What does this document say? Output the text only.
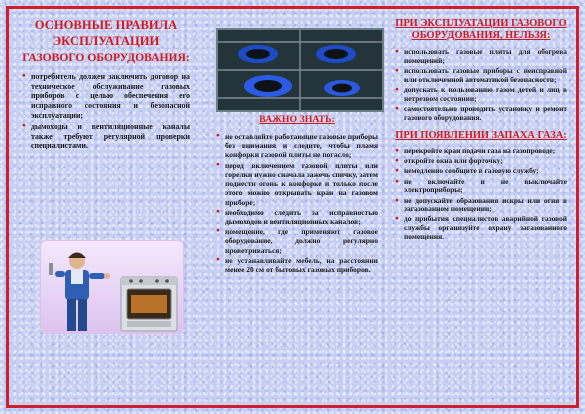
ОСНОВНЫЕ ПРАВИЛА ЭКСПЛУАТАЦИИ
ГАЗОВОГО ОБОРУДОВАНИЯ:
● потребитель должен заключить договор на техническое обслуживание газовых приборов с целью обеспечения его исправного состояния и безопасной эксплуатации;
● дымоходы и вентиляционные каналы также требуют регулярной проверки специалистами.
ВАЖНО ЗНАТЬ:
● не оставляйте работающие газовые приборы без внимания и следите, чтобы пламя конфорки газовой плиты не погасло;
● перед включением газовой плиты или горелки нужно сначала зажечь спичку, затем поднести огонь к конфорке и только после этого можно открывать кран на газовом приборе;
● необходимо следить за исправностью дымоходов и вентиляционных каналов;
● помещение, где применяют газовое оборудование, должно регулярно проветриваться;
● не устанавливайте мебель, на расстоянии менее 20 см от бытовых газовых приборов.
ПРИ ЭКСПЛУАТАЦИИ ГАЗОВОГО ОБОРУДОВАНИЯ, НЕЛЬЗЯ:
● использовать газовые плиты для обогрева помещений;
● использовать газовые приборы с неисправной или отключенной автоматикой безопасности;
● допускать к пользованию газом детей и лиц в нетрезвом состоянии;
● самостоятельно проводить установку и ремонт газового оборудования.
ПРИ ПОЯВЛЕНИИ ЗАПАХА ГАЗА:
● перекройте кран подачи газа на газопроводе;
● откройте окна или форточку;
● немедленно сообщите в газовую службу;
● не включайте и не выключайте электроприборы;
● не допускайте образования искры или огня в загазованном помещении;
● до прибытия специалистов аварийной газовой службы организуйте охрану загазованного помещения.
